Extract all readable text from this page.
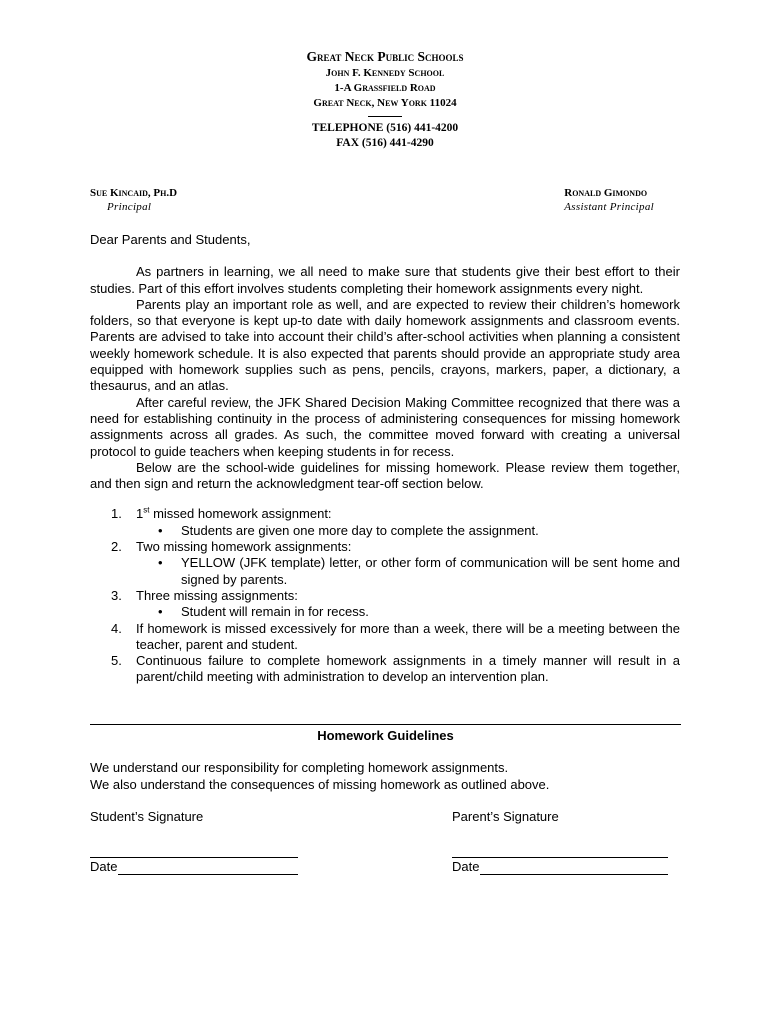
Great Neck Public Schools
John F. Kennedy School
1-A Grassfield Road
Great Neck, New York 11024
TELEPHONE (516) 441-4200
FAX (516) 441-4290
Sue Kincaid, Ph.D
Principal
Ronald Gimondo
Assistant Principal

Dear Parents and Students,

As partners in learning, we all need to make sure that students give their best effort to their studies. Part of this effort involves students completing their homework assignments every night.

Parents play an important role as well, and are expected to review their children’s homework folders, so that everyone is kept up-to date with daily homework assignments and classroom events. Parents are advised to take into account their child’s after-school activities when planning a consistent weekly homework schedule. It is also expected that parents should provide an appropriate study area equipped with homework supplies such as pens, pencils, crayons, markers, paper, a dictionary, a thesaurus, and an atlas.

After careful review, the JFK Shared Decision Making Committee recognized that there was a need for establishing continuity in the process of administering consequences for missing homework assignments across all grades. As such, the committee moved forward with creating a universal protocol to guide teachers when keeping students in for recess.

Below are the school-wide guidelines for missing homework. Please review them together, and then sign and return the acknowledgment tear-off section below.

1. 1st missed homework assignment:
• Students are given one more day to complete the assignment.
2. Two missing homework assignments:
• YELLOW (JFK template) letter, or other form of communication will be sent home and signed by parents.
3. Three missing assignments:
• Student will remain in for recess.
4. If homework is missed excessively for more than a week, there will be a meeting between the teacher, parent and student.
5. Continuous failure to complete homework assignments in a timely manner will result in a parent/child meeting with administration to develop an intervention plan.
Homework Guidelines
We understand our responsibility for completing homework assignments.
We also understand the consequences of missing homework as outlined above.
Student’s Signature	Parent’s Signature
Date	Date
